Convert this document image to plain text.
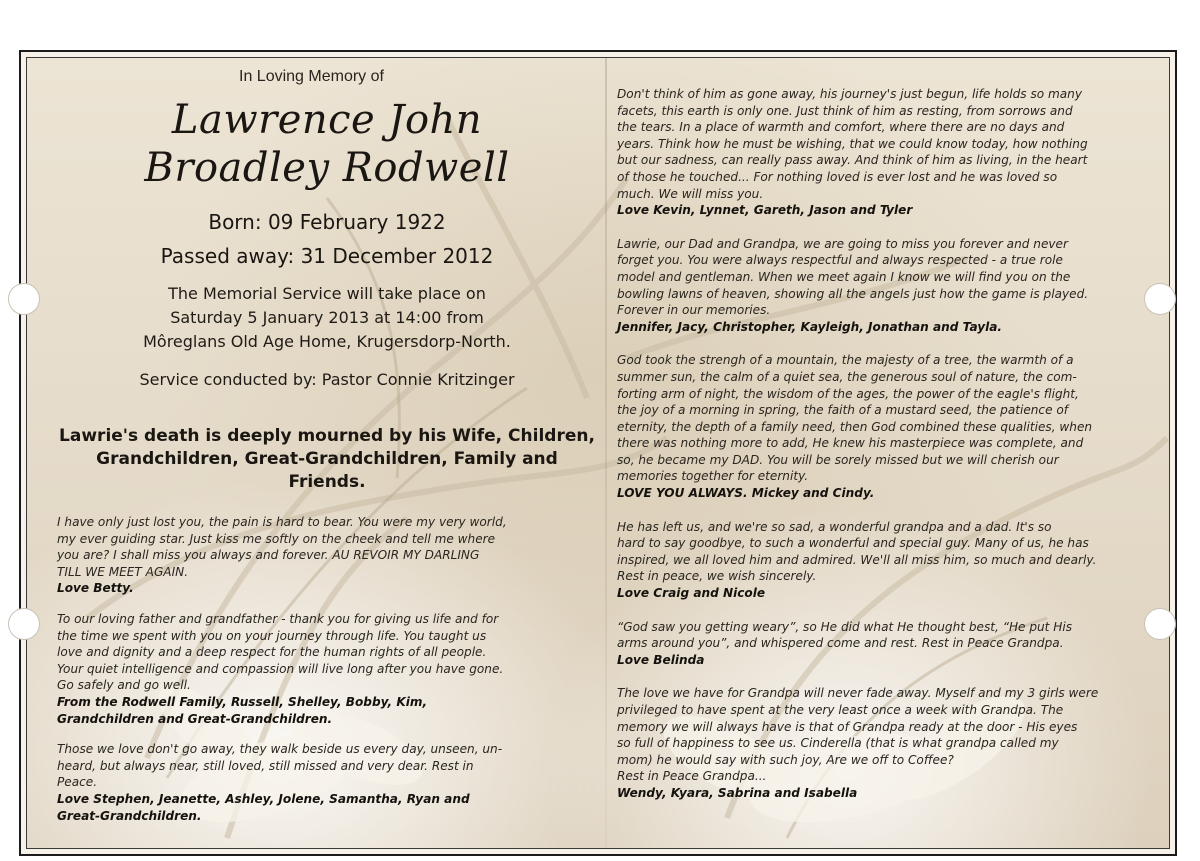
In Loving Memory of
Lawrence John
Broadley Rodwell
Born: 09 February 1922
Passed away: 31 December 2012
The Memorial Service will take place on
Saturday 5 January 2013 at 14:00 from
Môreglans Old Age Home, Krugersdorp-North.
Service conducted by: Pastor Connie Kritzinger
Lawrie's death is deeply mourned by his Wife, Children,
Grandchildren, Great-Grandchildren, Family and Friends.
I have only just lost you, the pain is hard to bear. You were my very world,
my ever guiding star. Just kiss me softly on the cheek and tell me where
you are? I shall miss you always and forever. AU REVOIR MY DARLING
TILL WE MEET AGAIN.
Love Betty.
To our loving father and grandfather - thank you for giving us life and for
the time we spent with you on your journey through life. You taught us
love and dignity and a deep respect for the human rights of all people.
Your quiet intelligence and compassion will live long after you have gone.
Go safely and go well.
From the Rodwell Family, Russell, Shelley, Bobby, Kim,
Grandchildren and Great-Grandchildren.
Those we love don't go away, they walk beside us every day, unseen, un-
heard, but always near, still loved, still missed and very dear. Rest in
Peace.
Love Stephen, Jeanette, Ashley, Jolene, Samantha, Ryan and
Great-Grandchildren.
Don't think of him as gone away, his journey's just begun, life holds so many
facets, this earth is only one. Just think of him as resting, from sorrows and
the tears. In a place of warmth and comfort, where there are no days and
years. Think how he must be wishing, that we could know today, how nothing
but our sadness, can really pass away. And think of him as living, in the heart
of those he touched... For nothing loved is ever lost and he was loved so
much. We will miss you.
Love Kevin, Lynnet, Gareth, Jason and Tyler
Lawrie, our Dad and Grandpa, we are going to miss you forever and never
forget you. You were always respectful and always respected - a true role
model and gentleman. When we meet again I know we will find you on the
bowling lawns of heaven, showing all the angels just how the game is played.
Forever in our memories.
Jennifer, Jacy, Christopher, Kayleigh, Jonathan and Tayla.
God took the strengh of a mountain, the majesty of a tree, the warmth of a
summer sun, the calm of a quiet sea, the generous soul of nature, the com-
forting arm of night, the wisdom of the ages, the power of the eagle's flight,
the joy of a morning in spring, the faith of a mustard seed, the patience of
eternity, the depth of a family need, then God combined these qualities, when
there was nothing more to add, He knew his masterpiece was complete, and
so, he became my DAD. You will be sorely missed but we will cherish our
memories together for eternity.
LOVE YOU ALWAYS. Mickey and Cindy.
He has left us, and we're so sad, a wonderful grandpa and a dad. It's so
hard to say goodbye, to such a wonderful and special guy. Many of us, he has
inspired, we all loved him and admired. We'll all miss him, so much and dearly.
Rest in peace, we wish sincerely.
Love Craig and Nicole
“God saw you getting weary”, so He did what He thought best, “He put His
arms around you”, and whispered come and rest. Rest in Peace Grandpa.
Love Belinda
The love we have for Grandpa will never fade away. Myself and my 3 girls were
privileged to have spent at the very least once a week with Grandpa. The
memory we will always have is that of Grandpa ready at the door - His eyes
so full of happiness to see us. Cinderella (that is what grandpa called my
mom) he would say with such joy, Are we off to Coffee?
Rest in Peace Grandpa...
Wendy, Kyara, Sabrina and Isabella
